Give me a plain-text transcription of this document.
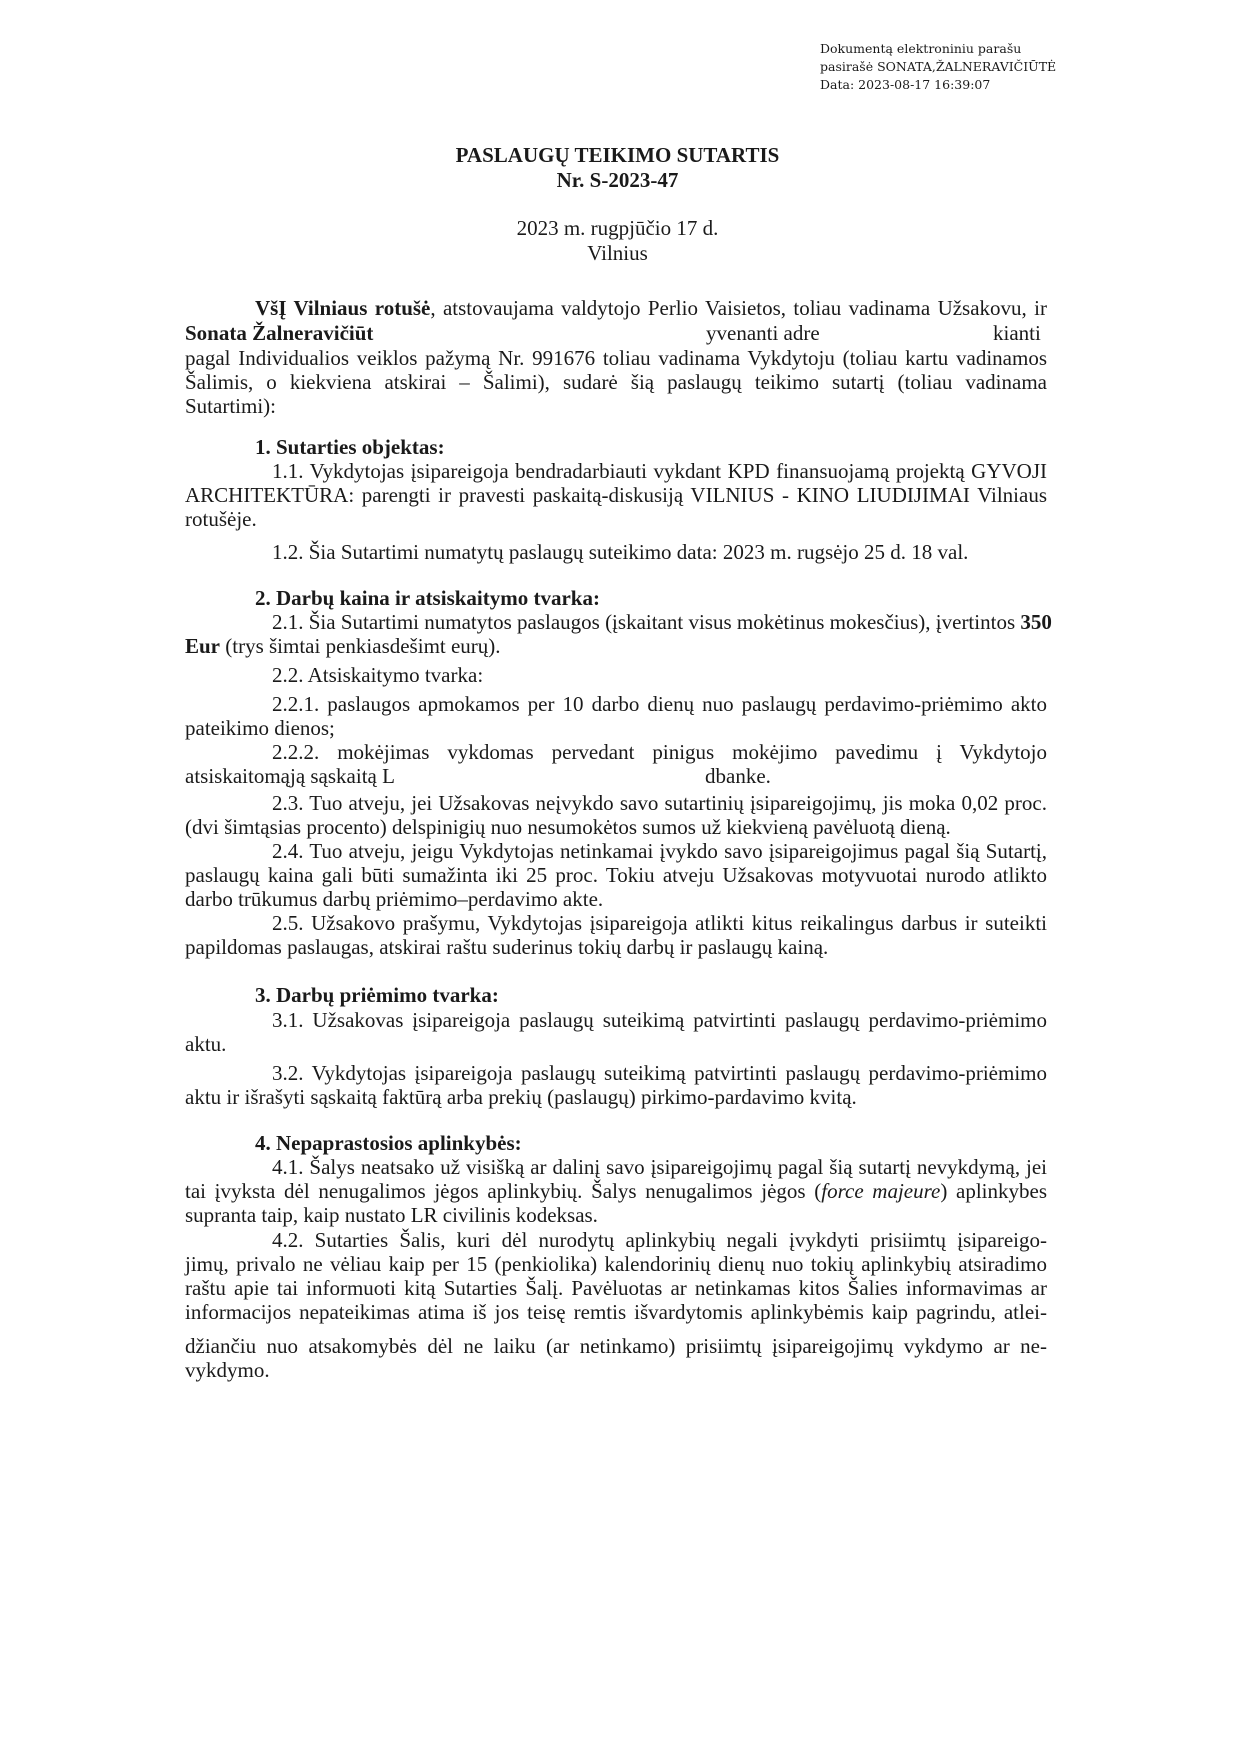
Dokumentą elektroniniu parašu
pasirašė SONATA,ŽALNERAVIČIŪTĖ
Data: 2023-08-17 16:39:07
PASLAUGŲ TEIKIMO SUTARTIS
Nr. S-2023-47
2023 m. rugpjūčio 17 d.
Vilnius
VšĮ Vilniaus rotušė, atstovaujama valdytojo Perlio Vaisietos, toliau vadinama Užsakovu, ir
Sonata Žalneravičiūt	yvenanti adre	kianti
pagal Individualios veiklos pažymą Nr. 991676 toliau vadinama Vykdytoju (toliau kartu vadinamos
Šalimis, o kiekviena atskirai – Šalimi), sudarė šią paslaugų teikimo sutartį (toliau vadinama
Sutartimi):
1. Sutarties objektas:
1.1. Vykdytojas įsipareigoja bendradarbiauti vykdant KPD finansuojamą projektą GYVOJI
ARCHITEKTŪRA: parengti ir pravesti paskaitą-diskusiją VILNIUS - KINO LIUDIJIMAI Vilniaus
rotušėje.
1.2. Šia Sutartimi numatytų paslaugų suteikimo data: 2023 m. rugsėjo 25 d. 18 val.
2. Darbų kaina ir atsiskaitymo tvarka:
2.1. Šia Sutartimi numatytos paslaugos (įskaitant visus mokėtinus mokesčius), įvertintos 350
Eur (trys šimtai penkiasdešimt eurų).
2.2. Atsiskaitymo tvarka:
2.2.1. paslaugos apmokamos per 10 darbo dienų nuo paslaugų perdavimo-priėmimo akto
pateikimo dienos;
2.2.2. mokėjimas vykdomas pervedant pinigus mokėjimo pavedimu į Vykdytojo
atsiskaitomąją sąskaitą L	dbanke.
2.3. Tuo atveju, jei Užsakovas neįvykdo savo sutartinių įsipareigojimų, jis moka 0,02 proc.
(dvi šimtąsias procento) delspinigių nuo nesumokėtos sumos už kiekvieną pavėluotą dieną.
2.4. Tuo atveju, jeigu Vykdytojas netinkamai įvykdo savo įsipareigojimus pagal šią Sutartį,
paslaugų kaina gali būti sumažinta iki 25 proc. Tokiu atveju Užsakovas motyvuotai nurodo atlikto
darbo trūkumus darbų priėmimo–perdavimo akte.
2.5. Užsakovo prašymu, Vykdytojas įsipareigoja atlikti kitus reikalingus darbus ir suteikti
papildomas paslaugas, atskirai raštu suderinus tokių darbų ir paslaugų kainą.
3. Darbų priėmimo tvarka:
3.1. Užsakovas įsipareigoja paslaugų suteikimą patvirtinti paslaugų perdavimo-priėmimo
aktu.
3.2. Vykdytojas įsipareigoja paslaugų suteikimą patvirtinti paslaugų perdavimo-priėmimo
aktu ir išrašyti sąskaitą faktūrą arba prekių (paslaugų) pirkimo-pardavimo kvitą.
4. Nepaprastosios aplinkybės:
4.1. Šalys neatsako už visišką ar dalinį savo įsipareigojimų pagal šią sutartį nevykdymą, jei
tai įvyksta dėl nenugalimos jėgos aplinkybių. Šalys nenugalimos jėgos (force majeure) aplinkybes
supranta taip, kaip nustato LR civilinis kodeksas.
4.2. Sutarties Šalis, kuri dėl nurodytų aplinkybių negali įvykdyti prisiimtų įsipareigo-
jimų, privalo ne vėliau kaip per 15 (penkiolika) kalendorinių dienų nuo tokių aplinkybių atsiradimo
raštu apie tai informuoti kitą Sutarties Šalį. Pavėluotas ar netinkamas kitos Šalies informavimas ar
informacijos nepateikimas atima iš jos teisę remtis išvardytomis aplinkybėmis kaip pagrindu, atlei-
džiančiu nuo atsakomybės dėl ne laiku (ar netinkamo) prisiimtų įsipareigojimų vykdymo ar ne-
vykdymo.
